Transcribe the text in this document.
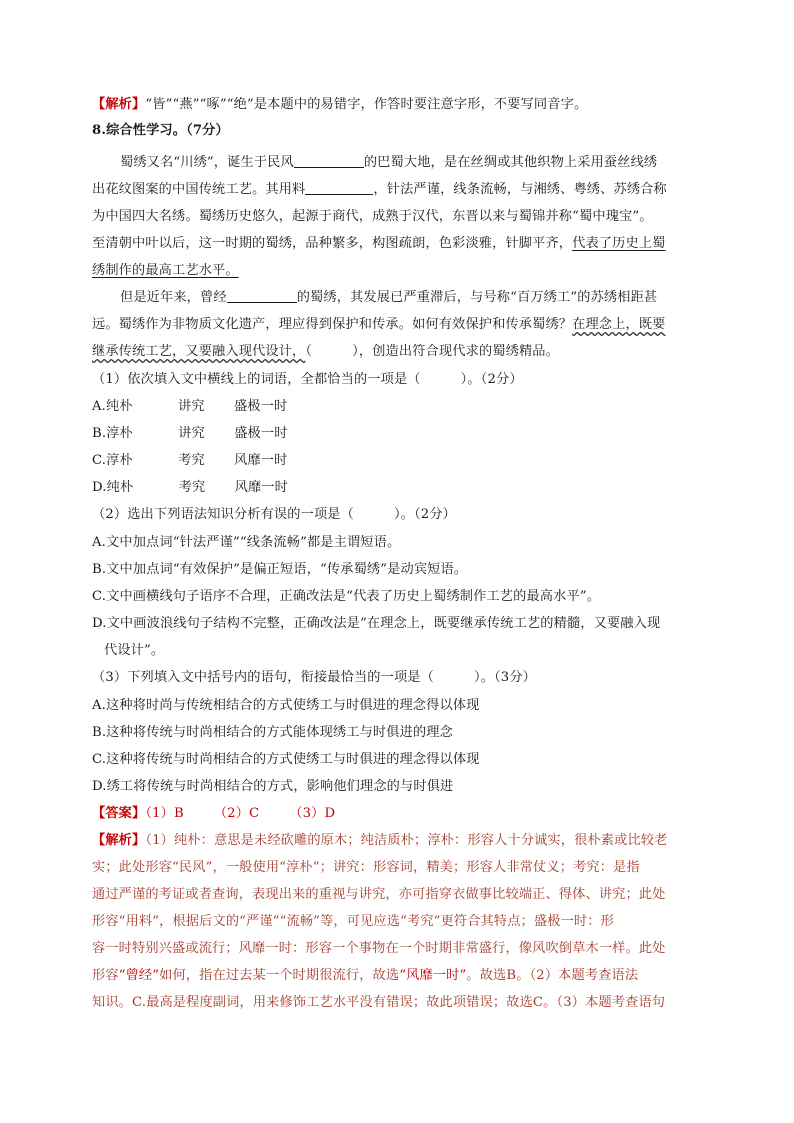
【解析】“皆”“燕”“啄”“绝”是本题中的易错字，作答时要注意字形，不要写同音字。
8.综合性学习。（7分）
蜀绣又名“川绣”，诞生于民风	的巴蜀大地，是在丝绸或其他织物上采用蚕丝线绣
出花纹图案的中国传统工艺。其用料	，针法严谨，线条流畅，与湘绣、粤绣、苏绣合称
为中国四大名绣。蜀绣历史悠久，起源于商代，成熟于汉代，东晋以来与蜀锦并称“蜀中瑰宝”。
至清朝中叶以后，这一时期的蜀绣，品种繁多，构图疏朗，色彩淡雅，针脚平齐，代表了历史上蜀
绣制作的最高工艺水平。
但是近年来，曾经	的蜀绣，其发展已严重滞后，与号称“百万绣工”的苏绣相距甚
远。蜀绣作为非物质文化遗产，理应得到保护和传承。如何有效保护和传承蜀绣？在理念上，既要
继承传统工艺，又要融入现代设计，（　　　），创造出符合现代求的蜀绣精品。
（1）依次填入文中横线上的词语，全都恰当的一项是（　　　）。（2分）
A.纯朴	讲究 盛极一时
B.淳朴	讲究 盛极一时
C.淳朴	考究 风靡一时
D.纯朴	考究 风靡一时
（2）选出下列语法知识分析有误的一项是（　　　）。（2分）
A.文中加点词“针法严谨”“线条流畅”都是主谓短语。
B.文中加点词“有效保护”是偏正短语，“传承蜀绣”是动宾短语。
C.文中画横线句子语序不合理，正确改法是“代表了历史上蜀绣制作工艺的最高水平”。
D.文中画波浪线句子结构不完整，正确改法是“在理念上，既要继承传统工艺的精髓，又要融入现
代设计”。
（3）下列填入文中括号内的语句，衔接最恰当的一项是（　　　）。（3分）
A.这种将时尚与传统相结合的方式使绣工与时俱进的理念得以体现
B.这种将传统与时尚相结合的方式能体现绣工与时俱进的理念
C.这种将传统与时尚相结合的方式使绣工与时俱进的理念得以体现
D.绣工将传统与时尚相结合的方式，影响他们理念的与时俱进
【答案】（1）B （2）C （3）D
【解析】（1）纯朴：意思是未经砍雕的原木；纯洁质朴；淳朴：形容人十分诚实，很朴素或比较老
实；此处形容“民风”，一般使用“淳朴”；讲究：形容词，精美；形容人非常仗义；考究：是指
通过严谨的考证或者查询，表现出来的重视与讲究，亦可指穿衣做事比较端正、得体、讲究；此处
形容“用料”，根据后文的“严谨”“流畅”等，可见应选“考究”更符合其特点；盛极一时：形
容一时特别兴盛或流行；风靡一时：形容一个事物在一个时期非常盛行，像风吹倒草木一样。此处
形容“曾经”如何，指在过去某一个时期很流行，故选“风靡一时”。故选B。（2）本题考查语法
知识。C.最高是程度副词，用来修饰工艺水平没有错误；故此项错误；故选C。（3）本题考查语句
